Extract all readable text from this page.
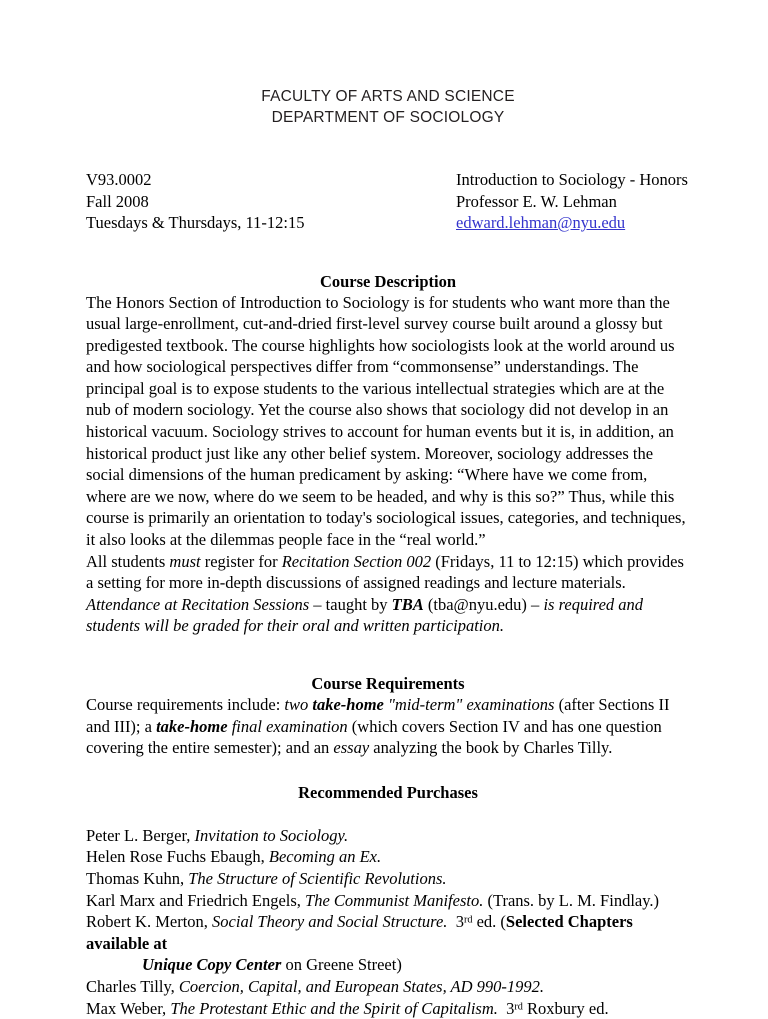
FACULTY OF ARTS AND SCIENCE
DEPARTMENT OF SOCIOLOGY
V93.0002	Introduction to Sociology - Honors
Fall 2008	Professor E. W. Lehman
Tuesdays & Thursdays, 11-12:15	edward.lehman@nyu.edu
Course Description

The Honors Section of Introduction to Sociology is for students who want more than the usual large-enrollment, cut-and-dried first-level survey course built around a glossy but predigested textbook. The course highlights how sociologists look at the world around us and how sociological perspectives differ from “commonsense” understandings. The principal goal is to expose students to the various intellectual strategies which are at the nub of modern sociology. Yet the course also shows that sociology did not develop in an historical vacuum. Sociology strives to account for human events but it is, in addition, an historical product just like any other belief system. Moreover, sociology addresses the social dimensions of the human predicament by asking: “Where have we come from, where are we now, where do we seem to be headed, and why is this so?” Thus, while this course is primarily an orientation to today's sociological issues, categories, and techniques, it also looks at the dilemmas people face in the “real world.”

All students must register for Recitation Section 002 (Fridays, 11 to 12:15) which provides a setting for more in-depth discussions of assigned readings and lecture materials. Attendance at Recitation Sessions – taught by TBA (tba@nyu.edu) – is required and students will be graded for their oral and written participation.

Course Requirements

Course requirements include: two take-home "mid-term" examinations (after Sections II and III); a take-home final examination (which covers Section IV and has one question covering the entire semester); and an essay analyzing the book by Charles Tilly.

Recommended Purchases
Peter L. Berger, Invitation to Sociology.
Helen Rose Fuchs Ebaugh, Becoming an Ex.
Thomas Kuhn, The Structure of Scientific Revolutions.
Karl Marx and Friedrich Engels, The Communist Manifesto. (Trans. by L. M. Findlay.)
Robert K. Merton, Social Theory and Social Structure. 3rd ed. (Selected Chapters available at
Unique Copy Center on Greene Street)
Charles Tilly, Coercion, Capital, and European States, AD 990-1992.
Max Weber, The Protestant Ethic and the Spirit of Capitalism. 3rd Roxbury ed.
